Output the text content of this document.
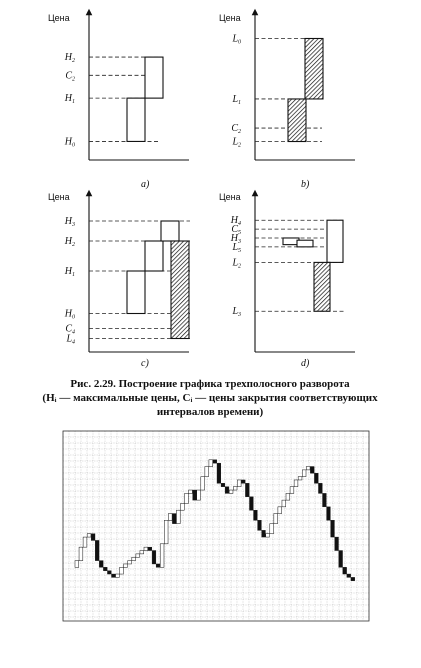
Цена
$H_2$
$C_2$
$H_1$
$H_0$
a)
Цена
$L_0$
$L_1$
$C_2$
$L_2$
b)
Цена
$H_3$
$H_2$
$H_1$
$H_0$
$C_4$
$L_4$
c)
Цена
$H_4$
$C_5$
$H_3$
$L_5$
$L_2$
$L_3$
d)
Рис. 2.29. Построение графика трехполосного разворота
(Hᵢ — максимальные цены, Cᵢ — цены закрытия соответствующих
интервалов времени)
